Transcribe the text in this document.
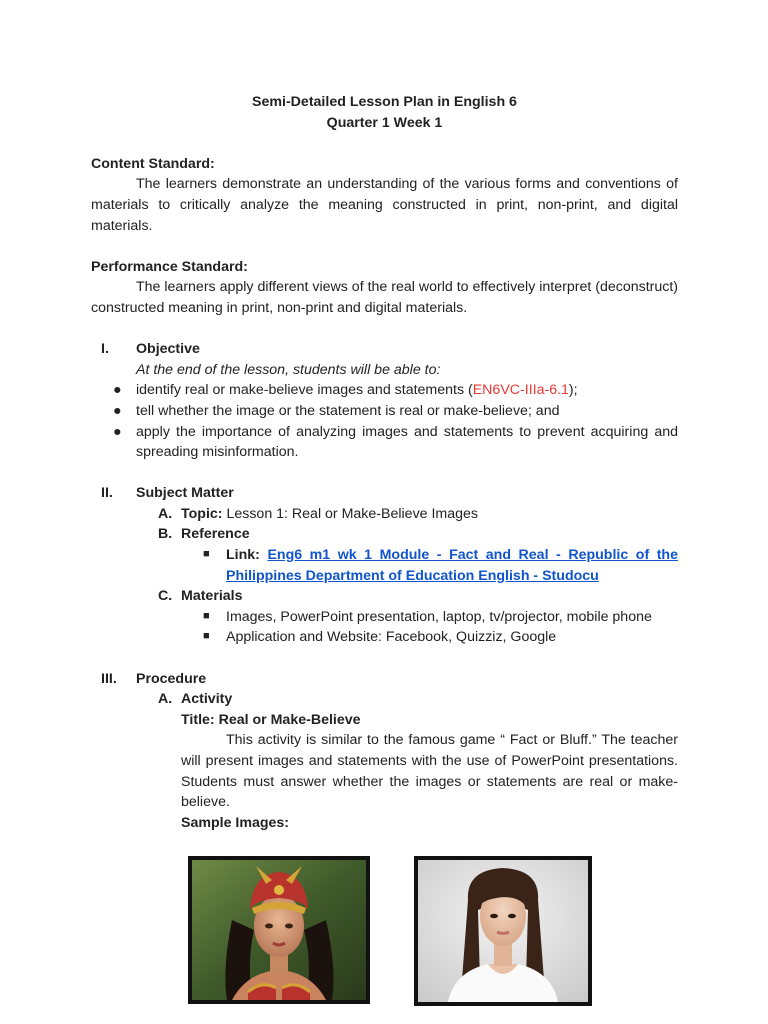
Semi-Detailed Lesson Plan in English 6
Quarter 1 Week 1
Content Standard:
The learners demonstrate an understanding of the various forms and conventions of materials to critically analyze the meaning constructed in print, non-print, and digital materials.
Performance Standard:
The learners apply different views of the real world to effectively interpret (deconstruct) constructed meaning in print, non-print and digital materials.
I. Objective
At the end of the lesson, students will be able to:
● identify real or make-believe images and statements (EN6VC-IIIa-6.1);
● tell whether the image or the statement is real or make-believe; and
● apply the importance of analyzing images and statements to prevent acquiring and spreading misinformation.
II. Subject Matter
A. Topic: Lesson 1: Real or Make-Believe Images
B. Reference
■ Link: Eng6 m1 wk 1 Module - Fact and Real - Republic of the Philippines Department of Education English - Studocu
C. Materials
■ Images, PowerPoint presentation, laptop, tv/projector, mobile phone
■ Application and Website: Facebook, Quizziz, Google
III. Procedure
A. Activity
Title: Real or Make-Believe
This activity is similar to the famous game “ Fact or Bluff.” The teacher will present images and statements with the use of PowerPoint presentations. Students must answer whether the images or statements are real or make-believe.
Sample Images:
